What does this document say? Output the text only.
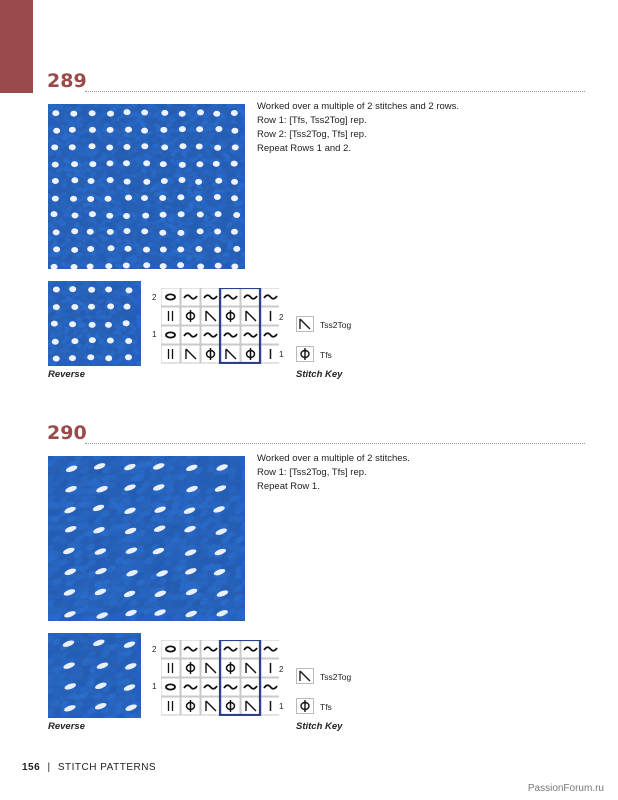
289
Worked over a multiple of 2 stitches and 2 rows.
Row 1: [Tfs, Tss2Tog] rep.
Row 2: [Tss2Tog, Tfs] rep.
Repeat Rows 1 and 2.
Reverse
2
1
2
1
Tss2Tog
Tfs
Stitch Key
290
Worked over a multiple of 2 stitches.
Row 1: [Tss2Tog, Tfs] rep.
Repeat Row 1.
Reverse
2
1
2
1
Tss2Tog
Tfs
Stitch Key
156 | STITCH PATTERNS
PassionForum.ru
